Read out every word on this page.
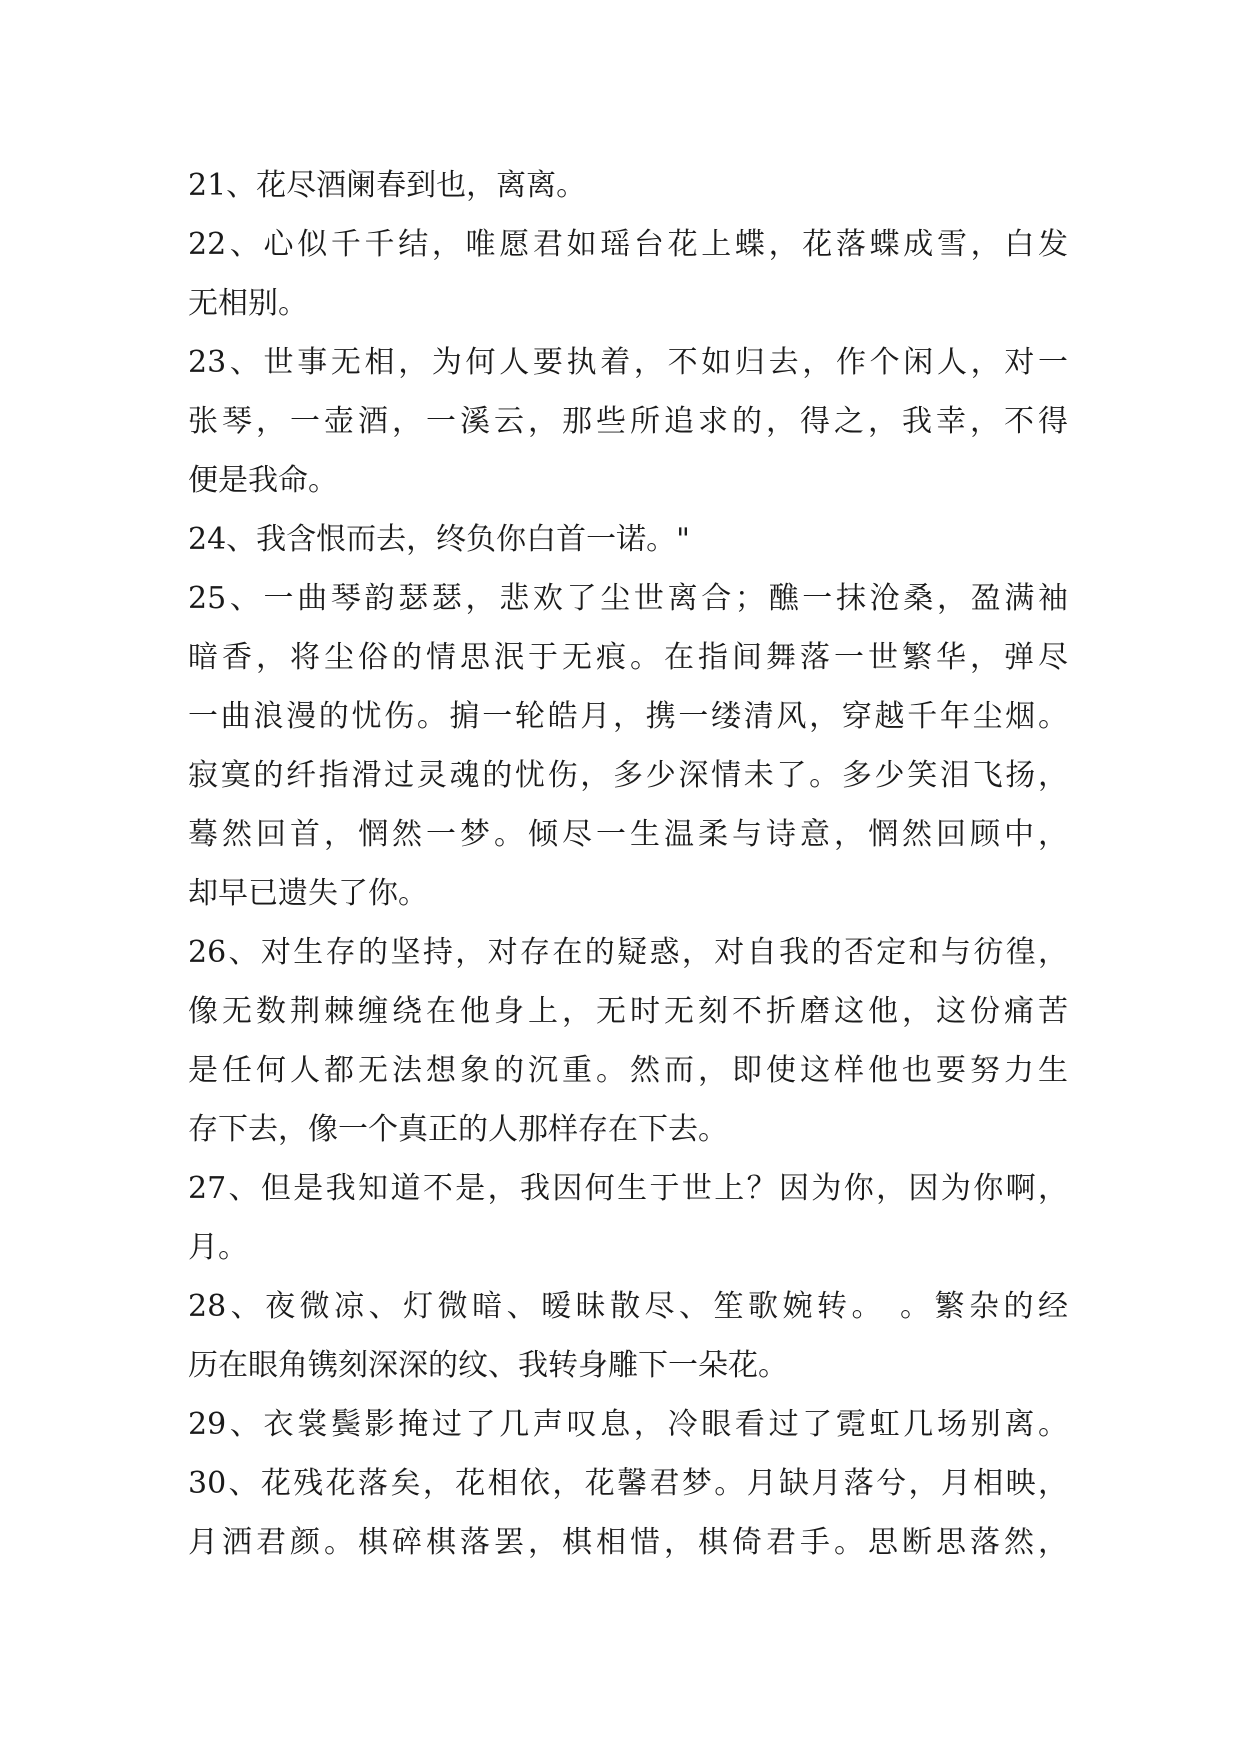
21、花尽酒阑春到也，离离。
22、心似千千结，唯愿君如瑶台花上蝶，花落蝶成雪，白发
无相别。
23、世事无相，为何人要执着，不如归去，作个闲人，对一
张琴，一壶酒，一溪云，那些所追求的，得之，我幸，不得
便是我命。
24、我含恨而去，终负你白首一诺。"
25、一曲琴韵瑟瑟，悲欢了尘世离合；醮一抹沧桑，盈满袖
暗香，将尘俗的情思泯于无痕。在指间舞落一世繁华，弹尽
一曲浪漫的忧伤。掮一轮皓月，携一缕清风，穿越千年尘烟。
寂寞的纤指滑过灵魂的忧伤，多少深情未了。多少笑泪飞扬，
蓦然回首，惘然一梦。倾尽一生温柔与诗意，惘然回顾中，
却早已遗失了你。
26、对生存的坚持，对存在的疑惑，对自我的否定和与彷徨，
像无数荆棘缠绕在他身上，无时无刻不折磨这他，这份痛苦
是任何人都无法想象的沉重。然而，即使这样他也要努力生
存下去，像一个真正的人那样存在下去。
27、但是我知道不是，我因何生于世上？因为你，因为你啊，
月。
28、夜微凉、灯微暗、暧昧散尽、笙歌婉转。 。繁杂的经
历在眼角镌刻深深的纹、我转身雕下一朵花。
29、衣裳鬓影掩过了几声叹息，冷眼看过了霓虹几场别离。
30、花残花落矣，花相依，花馨君梦。月缺月落兮，月相映，
月洒君颜。棋碎棋落罢，棋相惜，棋倚君手。思断思落然，
